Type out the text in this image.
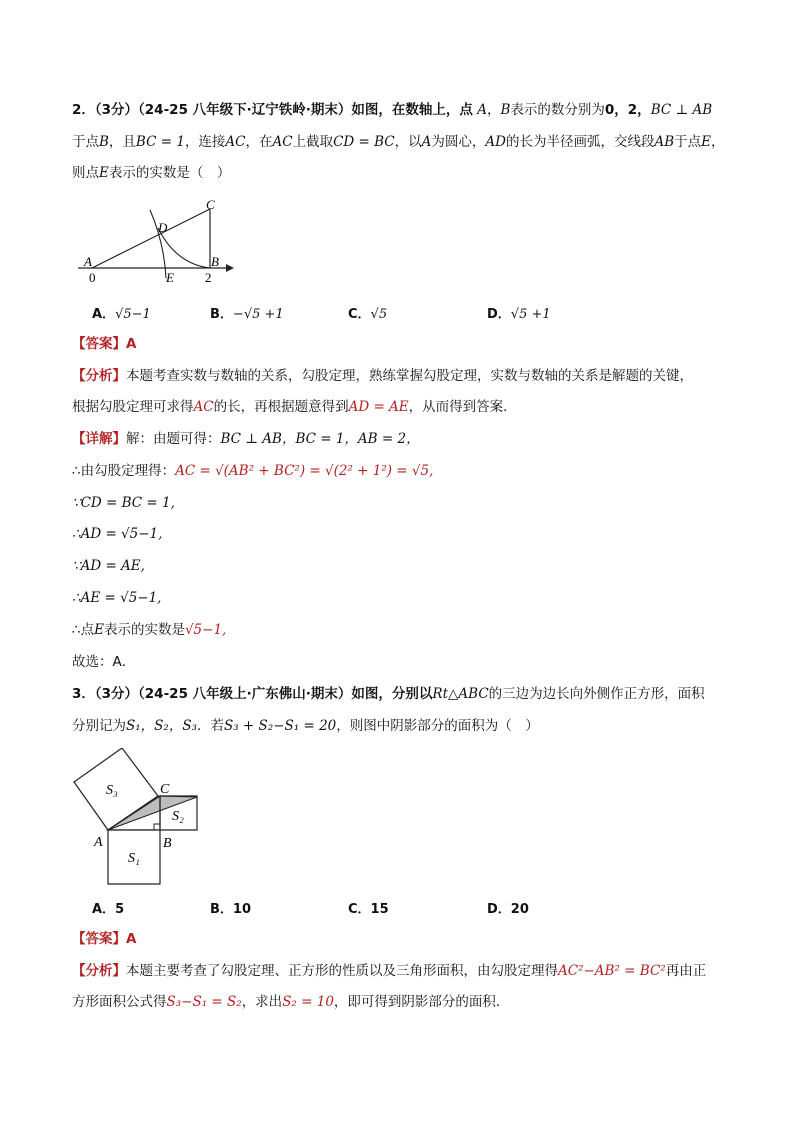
2．（3分）（24-25 八年级下·辽宁铁岭·期末）如图，在数轴上，点 A，B表示的数分别为0，2，BC ⊥ AB
于点B，且BC = 1，连接AC，在AC上截取CD = BC，以A为圆心，AD的长为半径画弧，交线段AB于点E，
则点E表示的实数是（　）
C
D
A	B
E
0	2
A．√5−1	B．−√5 +1	C．√5	D．√5 +1
【答案】A
【分析】本题考查实数与数轴的关系，勾股定理，熟练掌握勾股定理，实数与数轴的关系是解题的关键，
根据勾股定理可求得AC的长，再根据题意得到AD = AE，从而得到答案．
【详解】解：由题可得：BC ⊥ AB，BC = 1，AB = 2，
∴由勾股定理得：AC = √(AB² + BC²) = √(2² + 1²) = √5,
∵CD = BC = 1,
∴AD = √5−1,
∵AD = AE,
∴AE = √5−1,
∴点E表示的实数是√5−1,
故选：A．
3．（3分）（24-25 八年级上·广东佛山·期末）如图，分别以Rt△ABC的三边为边长向外侧作正方形，面积
分别记为S₁，S₂，S₃．若S₃ + S₂−S₁ = 20，则图中阴影部分的面积为（　）
S₃
S₂
S₁
A	B
C
A．5	B．10	C．15	D．20
【答案】A
【分析】本题主要考查了勾股定理、正方形的性质以及三角形面积，由勾股定理得AC²−AB² = BC²再由正
方形面积公式得S₃−S₁ = S₂，求出S₂ = 10，即可得到阴影部分的面积．
